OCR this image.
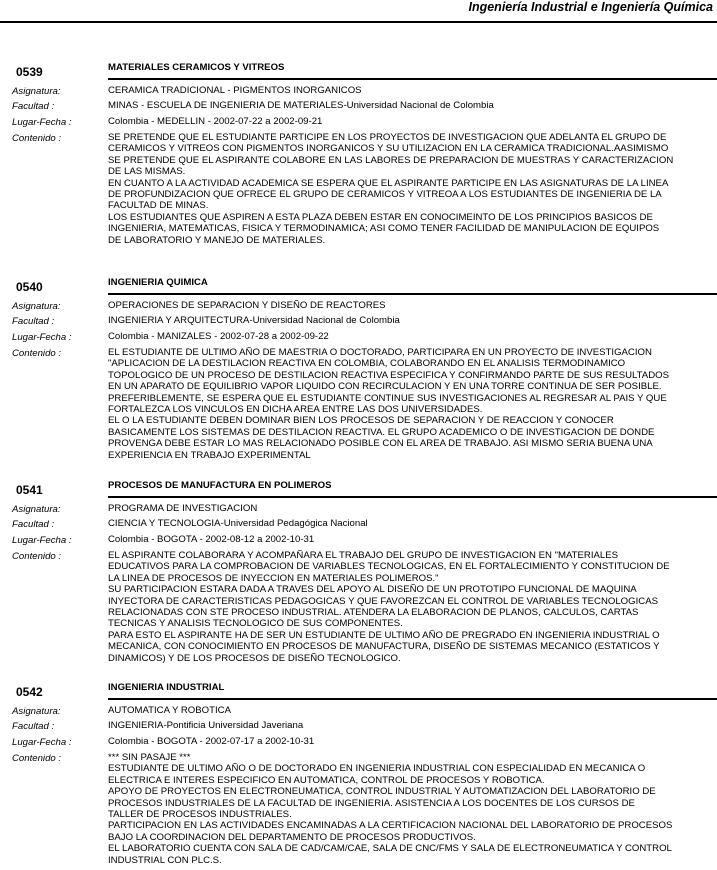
Ingeniería Industrial e Ingeniería Química
0539	MATERIALES CERAMICOS Y VITREOS
Asignatura:	CERAMICA TRADICIONAL - PIGMENTOS INORGANICOS
Facultad :	MINAS - ESCUELA DE INGENIERIA DE MATERIALES-Universidad Nacional de Colombia
Lugar-Fecha :	Colombia - MEDELLIN - 2002-07-22 a 2002-09-21
Contenido :	SE PRETENDE QUE EL ESTUDIANTE PARTICIPE EN LOS PROYECTOS DE INVESTIGACION QUE ADELANTA EL GRUPO DE
CERAMICOS Y VITREOS CON PIGMENTOS INORGANICOS Y SU UTILIZACION EN LA CERAMICA TRADICIONAL.AASIMISMO
SE PRETENDE QUE EL ASPIRANTE COLABORE EN LAS LABORES DE PREPARACION DE MUESTRAS Y CARACTERIZACION
DE LAS MISMAS.
EN CUANTO A LA ACTIVIDAD ACADEMICA SE ESPERA QUE EL ASPIRANTE PARTICIPE EN LAS ASIGNATURAS DE LA LINEA
DE PROFUNDIZACION QUE OFRECE EL GRUPO DE CERAMICOS Y VITREOA A LOS ESTUDIANTES DE INGENIERIA DE LA
FACULTAD DE MINAS.
LOS ESTUDIANTES QUE ASPIREN A ESTA PLAZA DEBEN ESTAR EN CONOCIMEINTO DE LOS PRINCIPIOS BASICOS DE
INGENIERIA, MATEMATICAS, FISICA Y TERMODINAMICA; ASI COMO TENER FACILIDAD DE MANIPULACION DE EQUIPOS
DE LABORATORIO Y MANEJO DE MATERIALES.
0540	INGENIERIA QUIMICA
Asignatura:	OPERACIONES DE SEPARACION Y DISEÑO DE REACTORES
Facultad :	INGENIERIA Y ARQUITECTURA-Universidad Nacional de Colombia
Lugar-Fecha :	Colombia - MANIZALES - 2002-07-28 a 2002-09-22
Contenido :	EL ESTUDIANTE DE ULTIMO AÑO DE MAESTRIA O DOCTORADO, PARTICIPARA EN UN PROYECTO DE INVESTIGACION
"APLICACION DE LA DESTILACION REACTIVA EN COLOMBIA, COLABORANDO EN EL ANALISIS TERMODINAMICO
TOPOLOGICO DE UN PROCESO DE DESTILACION REACTIVA ESPECIFICA Y CONFIRMANDO PARTE DE SUS RESULTADOS
EN UN APARATO DE EQUILIBRIO VAPOR LIQUIDO CON RECIRCULACION Y EN UNA TORRE CONTINUA DE SER POSIBLE.
PREFERIBLEMENTE, SE ESPERA QUE EL ESTUDIANTE CONTINUE SUS INVESTIGACIONES AL REGRESAR AL PAIS Y QUE
FORTALEZCA LOS VINCULOS EN DICHA AREA ENTRE LAS DOS UNIVERSIDADES.
EL O LA ESTUDIANTE DEBEN DOMINAR BIEN LOS PROCESOS DE SEPARACION Y DE REACCION Y CONOCER
BASICAMENTE LOS SISTEMAS DE DESTILACION REACTIVA. EL GRUPO ACADEMICO O DE INVESTIGACION DE DONDE
PROVENGA DEBE ESTAR LO MAS RELACIONADO POSIBLE CON EL AREA DE TRABAJO. ASI MISMO SERIA BUENA UNA
EXPERIENCIA EN TRABAJO EXPERIMENTAL
0541	PROCESOS DE MANUFACTURA EN POLIMEROS
Asignatura:	PROGRAMA DE INVESTIGACION
Facultad :	CIENCIA Y TECNOLOGIA-Universidad Pedagógica Nacional
Lugar-Fecha :	Colombia - BOGOTA - 2002-08-12 a 2002-10-31
Contenido :	EL ASPIRANTE COLABORARA Y ACOMPAÑARA EL TRABAJO DEL GRUPO DE INVESTIGACION EN "MATERIALES
EDUCATIVOS PARA LA COMPROBACION DE VARIABLES TECNOLOGICAS, EN EL FORTALECIMIENTO Y CONSTITUCION DE
LA LINEA DE PROCESOS DE INYECCION EN MATERIALES POLIMEROS."
SU PARTICIPACION ESTARA DADA A TRAVES DEL APOYO AL DISEÑO DE UN PROTOTIPO FUNCIONAL DE MAQUINA
INYECTORA DE CARACTERISTICAS PEDAGOGICAS Y QUE FAVOREZCAN EL CONTROL DE VARIABLES TECNOLOGICAS
RELACIONADAS CON STE PROCESO INDUSTRIAL. ATENDERA LA ELABORACION DE PLANOS, CALCULOS, CARTAS
TECNICAS Y ANALISIS TECNOLOGICO DE SUS COMPONENTES.
PARA ESTO EL ASPIRANTE HA DE SER UN ESTUDIANTE DE ULTIMO AÑO DE PREGRADO EN INGENIERIA INDUSTRIAL O
MECANICA, CON CONOCIMIENTO EN PROCESOS DE MANUFACTURA, DISEÑO DE SISTEMAS MECANICO (ESTATICOS Y
DINAMICOS) Y DE LOS PROCESOS DE DISEÑO TECNOLOGICO.
0542	INGENIERIA INDUSTRIAL
Asignatura:	AUTOMATICA Y ROBOTICA
Facultad :	INGENIERIA-Pontificia Universidad Javeriana
Lugar-Fecha :	Colombia - BOGOTA - 2002-07-17 a 2002-10-31
Contenido :	*** SIN PASAJE ***
ESTUDIANTE DE ULTIMO AÑO O DE DOCTORADO EN INGENIERIA INDUSTRIAL CON ESPECIALIDAD EN MECANICA O
ELECTRICA E INTERES ESPECIFICO EN AUTOMATICA, CONTROL DE PROCESOS Y ROBOTICA.
APOYO DE PROYECTOS EN ELECTRONEUMATICA, CONTROL INDUSTRIAL Y AUTOMATIZACION DEL LABORATORIO DE
PROCESOS INDUSTRIALES DE LA FACULTAD DE INGENIERIA. ASISTENCIA A LOS DOCENTES DE LOS CURSOS DE
TALLER DE PROCESOS INDUSTRIALES.
PARTICIPACION EN LAS ACTIVIDADES ENCAMINADAS A LA CERTIFICACION NACIONAL DEL LABORATORIO DE PROCESOS
BAJO LA COORDINACION DEL DEPARTAMENTO DE PROCESOS PRODUCTIVOS.
EL LABORATORIO CUENTA CON SALA DE CAD/CAM/CAE, SALA DE CNC/FMS Y SALA DE ELECTRONEUMATICA Y CONTROL
INDUSTRIAL CON PLC.S.
